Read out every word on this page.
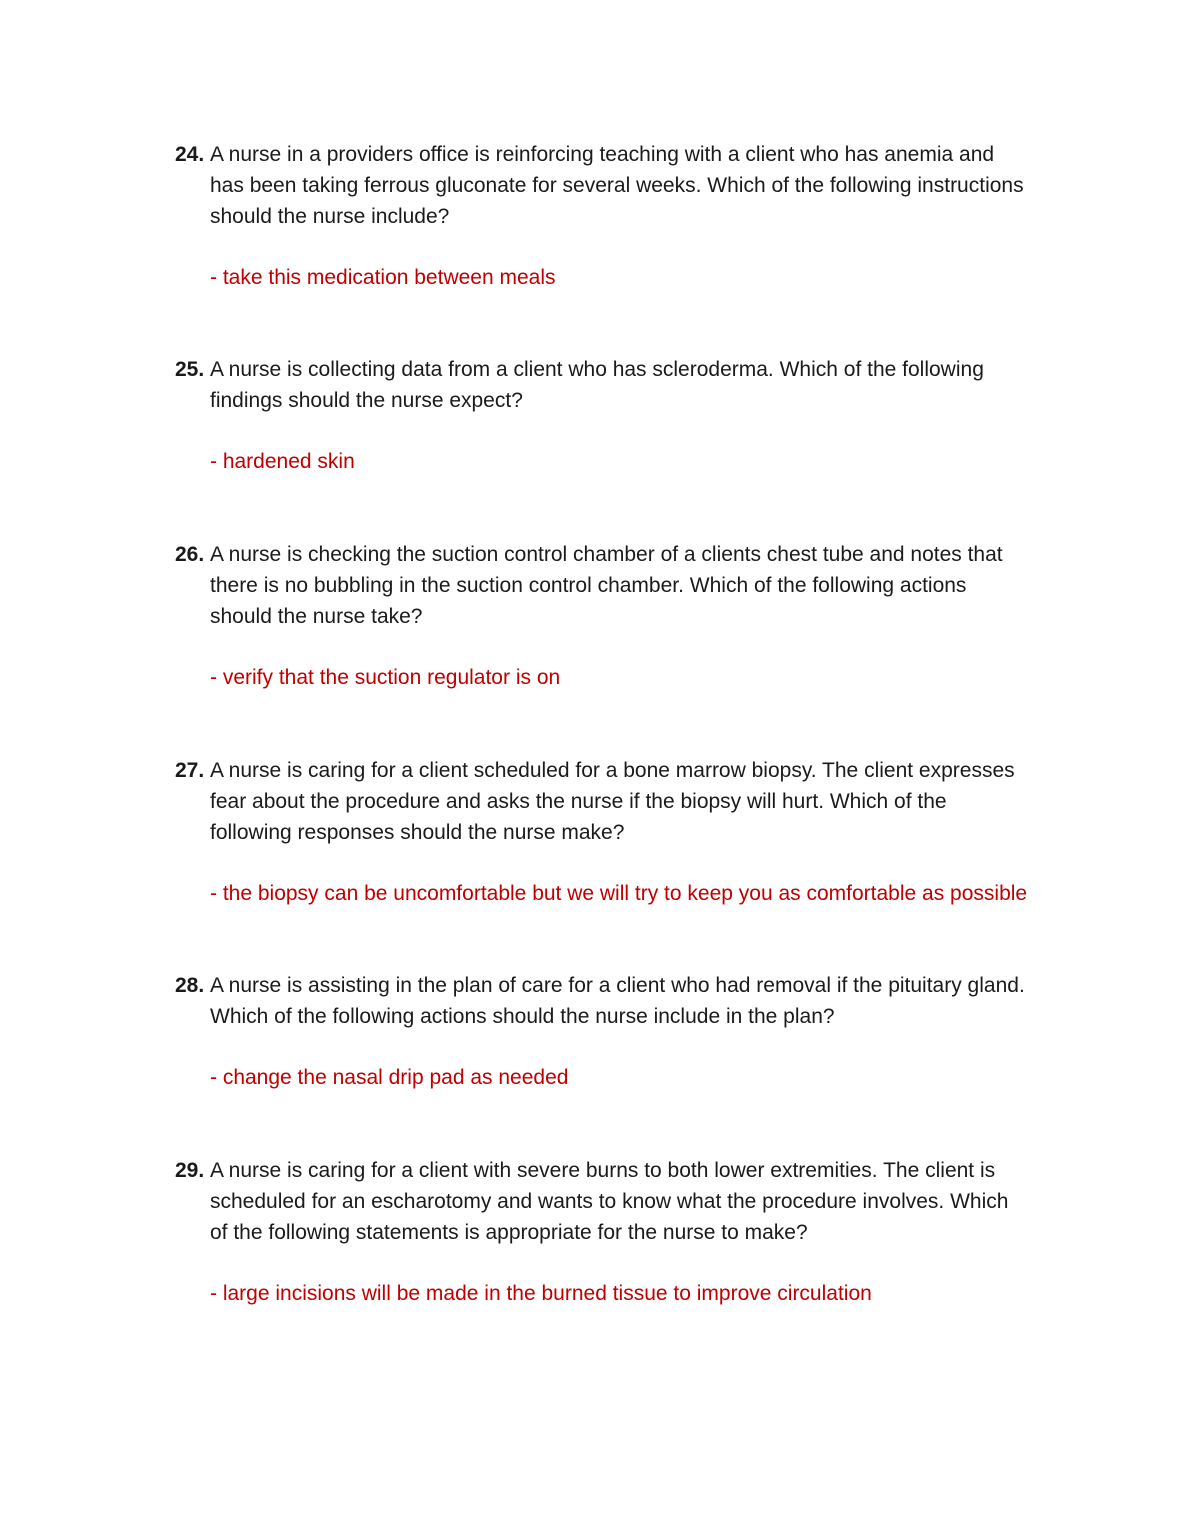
24. A nurse in a providers office is reinforcing teaching with a client who has anemia and
has been taking ferrous gluconate for several weeks. Which of the following instructions
should the nurse include?
- take this medication between meals
25. A nurse is collecting data from a client who has scleroderma. Which of the following
findings should the nurse expect?
- hardened skin
26. A nurse is checking the suction control chamber of a clients chest tube and notes that
there is no bubbling in the suction control chamber. Which of the following actions
should the nurse take?
- verify that the suction regulator is on
27. A nurse is caring for a client scheduled for a bone marrow biopsy. The client expresses
fear about the procedure and asks the nurse if the biopsy will hurt. Which of the
following responses should the nurse make?
- the biopsy can be uncomfortable but we will try to keep you as comfortable as possible
28. A nurse is assisting in the plan of care for a client who had removal if the pituitary gland.
Which of the following actions should the nurse include in the plan?
- change the nasal drip pad as needed
29. A nurse is caring for a client with severe burns to both lower extremities. The client is
scheduled for an escharotomy and wants to know what the procedure involves. Which
of the following statements is appropriate for the nurse to make?
- large incisions will be made in the burned tissue to improve circulation
